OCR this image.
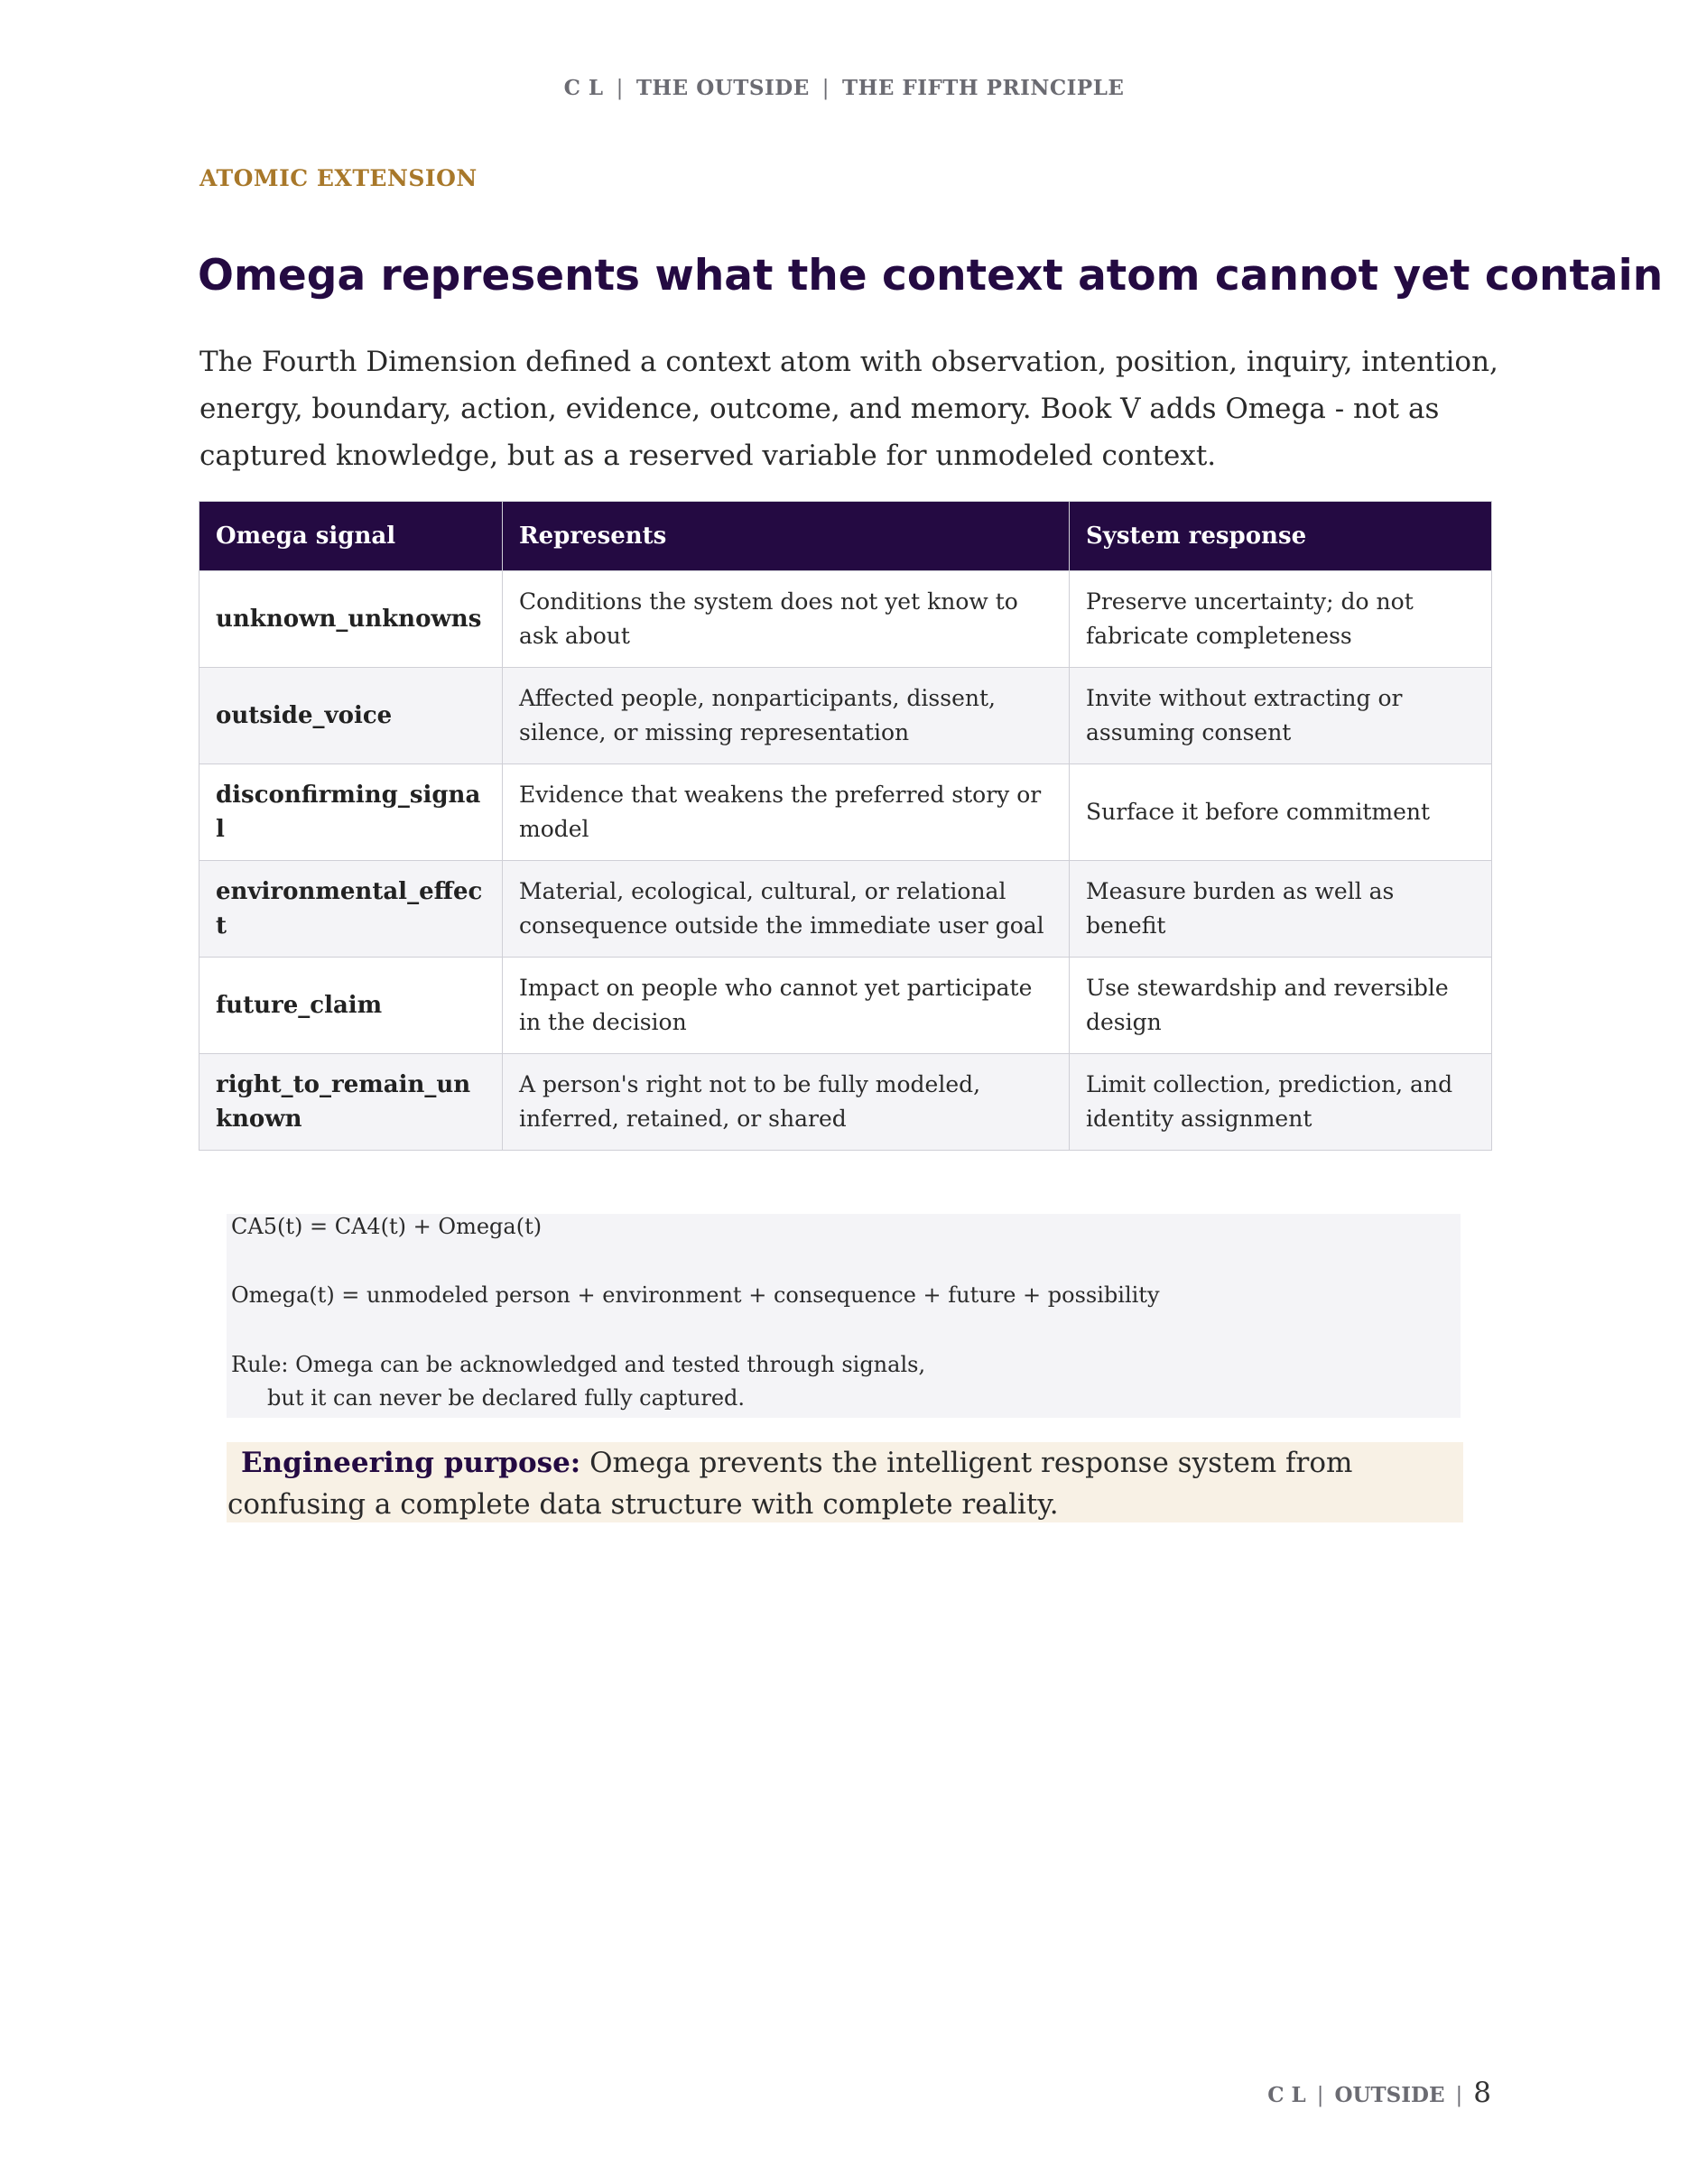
C L | THE OUTSIDE | THE FIFTH PRINCIPLE
ATOMIC EXTENSION
Omega represents what the context atom cannot yet contain

The Fourth Dimension defined a context atom with observation, position, inquiry, intention, energy, boundary, action, evidence, outcome, and memory. Book V adds Omega - not as captured knowledge, but as a reserved variable for unmodeled context.

Omega signal	Represents	System response
unknown_unknowns	Conditions the system does not yet know to ask about	Preserve uncertainty; do not fabricate completeness
outside_voice	Affected people, nonparticipants, dissent, silence, or missing representation	Invite without extracting or assuming consent
disconfirming_signal	Evidence that weakens the preferred story or model	Surface it before commitment
environmental_effect	Material, ecological, cultural, or relational consequence outside the immediate user goal	Measure burden as well as benefit
future_claim	Impact on people who cannot yet participate in the decision	Use stewardship and reversible design
right_to_remain_unknown	A person's right not to be fully modeled, inferred, retained, or shared	Limit collection, prediction, and identity assignment
CA5(t) = CA4(t) + Omega(t)
Omega(t) = unmodeled person + environment + consequence + future + possibility
Rule: Omega can be acknowledged and tested through signals,
but it can never be declared fully captured.
Engineering purpose: Omega prevents the intelligent response system from confusing a complete data structure with complete reality.
C L | OUTSIDE | 8
